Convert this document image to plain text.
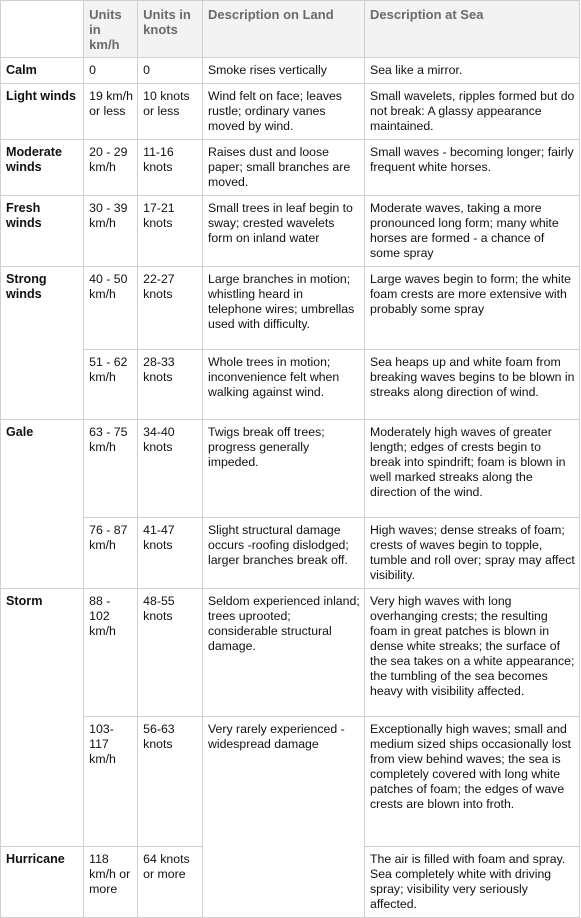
	Units in km/h	Units in knots	Description on Land	Description at Sea
Calm	0	0	Smoke rises vertically	Sea like a mirror.
Light winds	19 km/h or less	10 knots or less	Wind felt on face; leaves rustle; ordinary vanes moved by wind.	Small wavelets, ripples formed but do not break: A glassy appearance maintained.
Moderate winds	20 - 29 km/h	11-16 knots	Raises dust and loose paper; small branches are moved.	Small waves - becoming longer; fairly frequent white horses.
Fresh winds	30 - 39 km/h	17-21 knots	Small trees in leaf begin to sway; crested wavelets form on inland water	Moderate waves, taking a more pronounced long form; many white horses are formed - a chance of some spray
Strong winds	40 - 50 km/h	22-27 knots	Large branches in motion; whistling heard in telephone wires; umbrellas used with difficulty.	Large waves begin to form; the white foam crests are more extensive with probably some spray
	51 - 62 km/h	28-33 knots	Whole trees in motion; inconvenience felt when walking against wind.	Sea heaps up and white foam from breaking waves begins to be blown in streaks along direction of wind.
Gale	63 - 75 km/h	34-40 knots	Twigs break off trees; progress generally impeded.	Moderately high waves of greater length; edges of crests begin to break into spindrift; foam is blown in well marked streaks along the direction of the wind.
	76 - 87 km/h	41-47 knots	Slight structural damage occurs -roofing dislodged; larger branches break off.	High waves; dense streaks of foam; crests of waves begin to topple, tumble and roll over; spray may affect visibility.
Storm	88 - 102 km/h	48-55 knots	Seldom experienced inland; trees uprooted; considerable structural damage.	Very high waves with long overhanging crests; the resulting foam in great patches is blown in dense white streaks; the surface of the sea takes on a white appearance; the tumbling of the sea becomes heavy with visibility affected.
	103-117 km/h	56-63 knots	Very rarely experienced - widespread damage	Exceptionally high waves; small and medium sized ships occasionally lost from view behind waves; the sea is completely covered with long white patches of foam; the edges of wave crests are blown into froth.
Hurricane	118 km/h or more	64 knots or more		The air is filled with foam and spray. Sea completely white with driving spray; visibility very seriously affected.
